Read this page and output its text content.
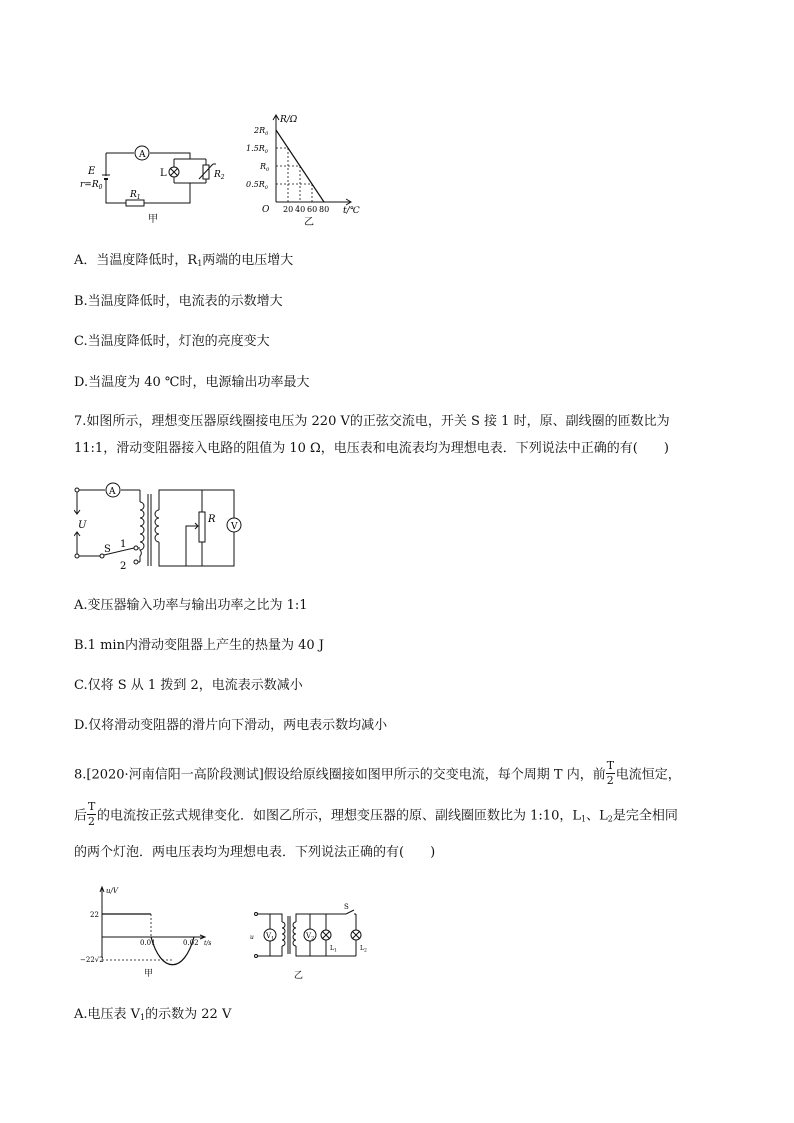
A
E
$r=R_0$
L
$R_1$
$R_2$
甲
R/Ω
t/℃
O
$2R_0$
$1.5R_0$
$R_0$
$0.5R_0$
20 40 60 80
乙
A．当温度降低时，$R_1$两端的电压增大
B.当温度降低时，电流表的示数增大
C.当温度降低时，灯泡的亮度变大
D.当温度为 40 ℃时，电源输出功率最大
7.如图所示，理想变压器原线圈接电压为 220 V的正弦交流电，开关 S 接 1 时，原、副线圈的匝数比为
11:1，滑动变阻器接入电路的阻值为 10 Ω，电压表和电流表均为理想电表．下列说法中正确的有(　　)
A
U
S 1
2
R
V
A.变压器输入功率与输出功率之比为 1:1
B.1 min内滑动变阻器上产生的热量为 40 J
C.仅将 S 从 1 拨到 2，电流表示数减小
D.仅将滑动变阻器的滑片向下滑动，两电表示数均减小
8.[2020·河南信阳一高阶段测试]假设给原线圈接如图甲所示的交变电流，每个周期 T 内，前 $\frac{T}{2}$ 电流恒定，
后 $\frac{T}{2}$ 的电流按正弦式规律变化．如图乙所示，理想变压器的原、副线圈匝数比为 1:10，$L_1$、$L_2$是完全相同
的两个灯泡．两电压表均为理想电表．下列说法正确的有(　　)
u/V
22
−22√2
0.01	0.02 t/s
甲
u $V_1$	$V_2$
S
$L_1$	$L_2$
乙
A.电压表 $V_1$的示数为 22 V
